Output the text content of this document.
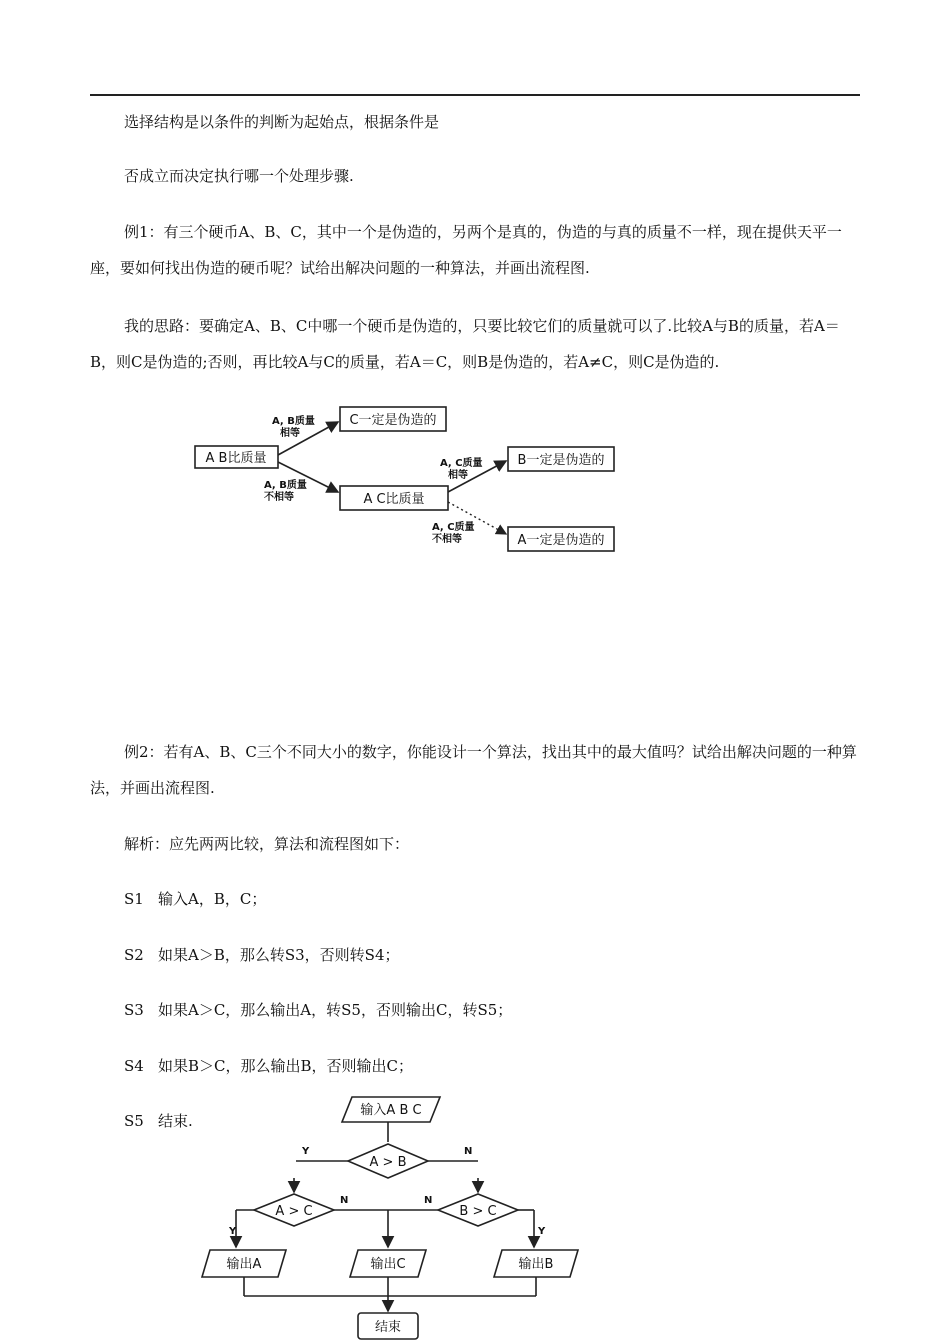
选择结构是以条件的判断为起始点，根据条件是

否成立而决定执行哪一个处理步骤.

例1：有三个硬币A、B、C，其中一个是伪造的，另两个是真的，伪造的与真的质量不一样，现在提供天平一座，要如何找出伪造的硬币呢？试给出解决问题的一种算法，并画出流程图.

我的思路：要确定A、B、C中哪一个硬币是伪造的，只要比较它们的质量就可以了.比较A与B的质量，若A＝B，则C是伪造的;否则，再比较A与C的质量，若A＝C，则B是伪造的，若A≠C，则C是伪造的.

A B比质量
C一定是伪造的
A C比质量
B一定是伪造的
A一定是伪造的
A, B质量
相等
A, B质量
不相等
A, C质量
相等
A, C质量
不相等

例2：若有A、B、C三个不同大小的数字，你能设计一个算法，找出其中的最大值吗？试给出解决问题的一种算法，并画出流程图.

解析：应先两两比较，算法和流程图如下：

S1 输入A，B，C；
S2 如果A＞B，那么转S3，否则转S4；
S3 如果A＞C，那么输出A，转S5，否则输出C，转S5；
S4 如果B＞C，那么输出B，否则输出C；
S5 结束.
输入A B C
A > B
Y	N
A > C	B > C
N	N
Y	Y
输出A	输出C	输出B
结束
